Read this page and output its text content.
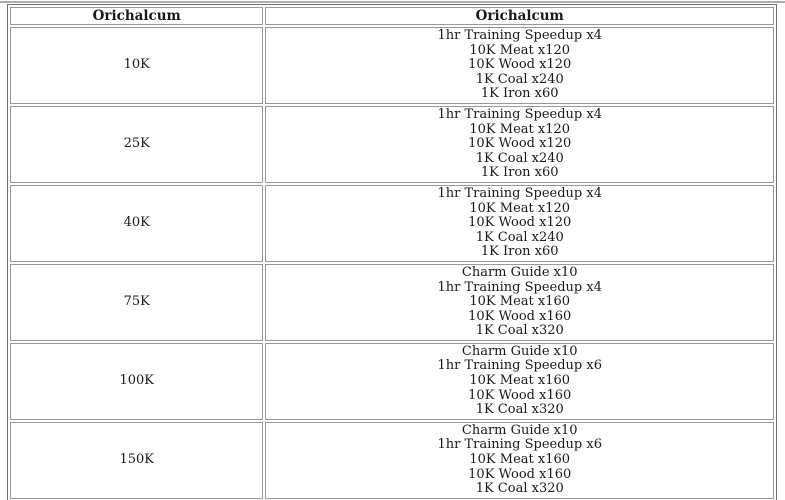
Orichalcum	Orichalcum
10K	1hr Training Speedup x4
10K Meat x120
10K Wood x120
1K Coal x240
1K Iron x60

25K	1hr Training Speedup x4
10K Meat x120
10K Wood x120
1K Coal x240
1K Iron x60

40K	1hr Training Speedup x4
10K Meat x120
10K Wood x120
1K Coal x240
1K Iron x60

75K	Charm Guide x10
1hr Training Speedup x4
10K Meat x160
10K Wood x160
1K Coal x320

100K	Charm Guide x10
1hr Training Speedup x6
10K Meat x160
10K Wood x160
1K Coal x320

150K	Charm Guide x10
1hr Training Speedup x6
10K Meat x160
10K Wood x160
1K Coal x320
